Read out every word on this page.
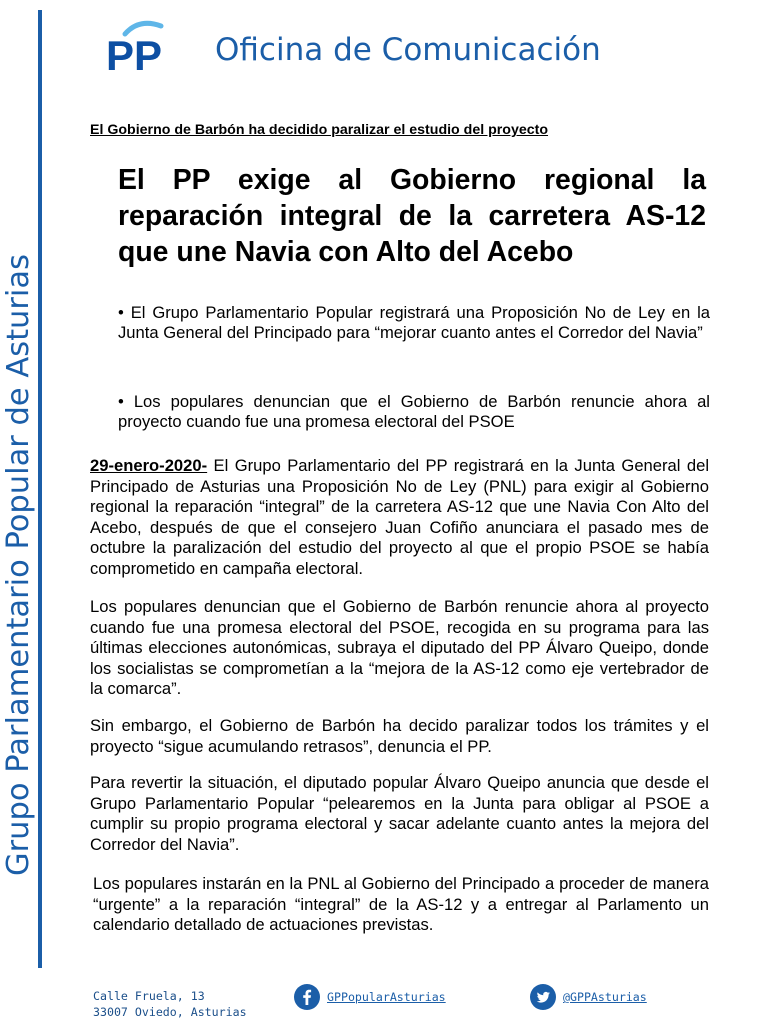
Grupo Parlamentario Popular de Asturias
PP Oficina de Comunicación
El Gobierno de Barbón ha decidido paralizar el estudio del proyecto
El PP exige al Gobierno regional la reparación integral de la carretera AS-12 que une Navia con Alto del Acebo

• El Grupo Parlamentario Popular registrará una Proposición No de Ley en la Junta General del Principado para “mejorar cuanto antes el Corredor del Navia”

• Los populares denuncian que el Gobierno de Barbón renuncie ahora al proyecto cuando fue una promesa electoral del PSOE

29-enero-2020- El Grupo Parlamentario del PP registrará en la Junta General del Principado de Asturias una Proposición No de Ley (PNL) para exigir al Gobierno regional la reparación “integral” de la carretera AS-12 que une Navia Con Alto del Acebo, después de que el consejero Juan Cofiño anunciara el pasado mes de octubre la paralización del estudio del proyecto al que el propio PSOE se había comprometido en campaña electoral.

Los populares denuncian que el Gobierno de Barbón renuncie ahora al proyecto cuando fue una promesa electoral del PSOE, recogida en su programa para las últimas elecciones autonómicas, subraya el diputado del PP Álvaro Queipo, donde los socialistas se comprometían a la “mejora de la AS-12 como eje vertebrador de la comarca”.

Sin embargo, el Gobierno de Barbón ha decido paralizar todos los trámites y el proyecto “sigue acumulando retrasos”, denuncia el PP.

Para revertir la situación, el diputado popular Álvaro Queipo anuncia que desde el Grupo Parlamentario Popular “pelearemos en la Junta para obligar al PSOE a cumplir su propio programa electoral y sacar adelante cuanto antes la mejora del Corredor del Navia”.

Los populares instarán en la PNL al Gobierno del Principado a proceder de manera “urgente” a la reparación “integral” de la AS-12 y a entregar al Parlamento un calendario detallado de actuaciones previstas.

Calle Fruela, 13
33007 Oviedo, Asturias
GPPopularAsturias	@GPPAsturias
